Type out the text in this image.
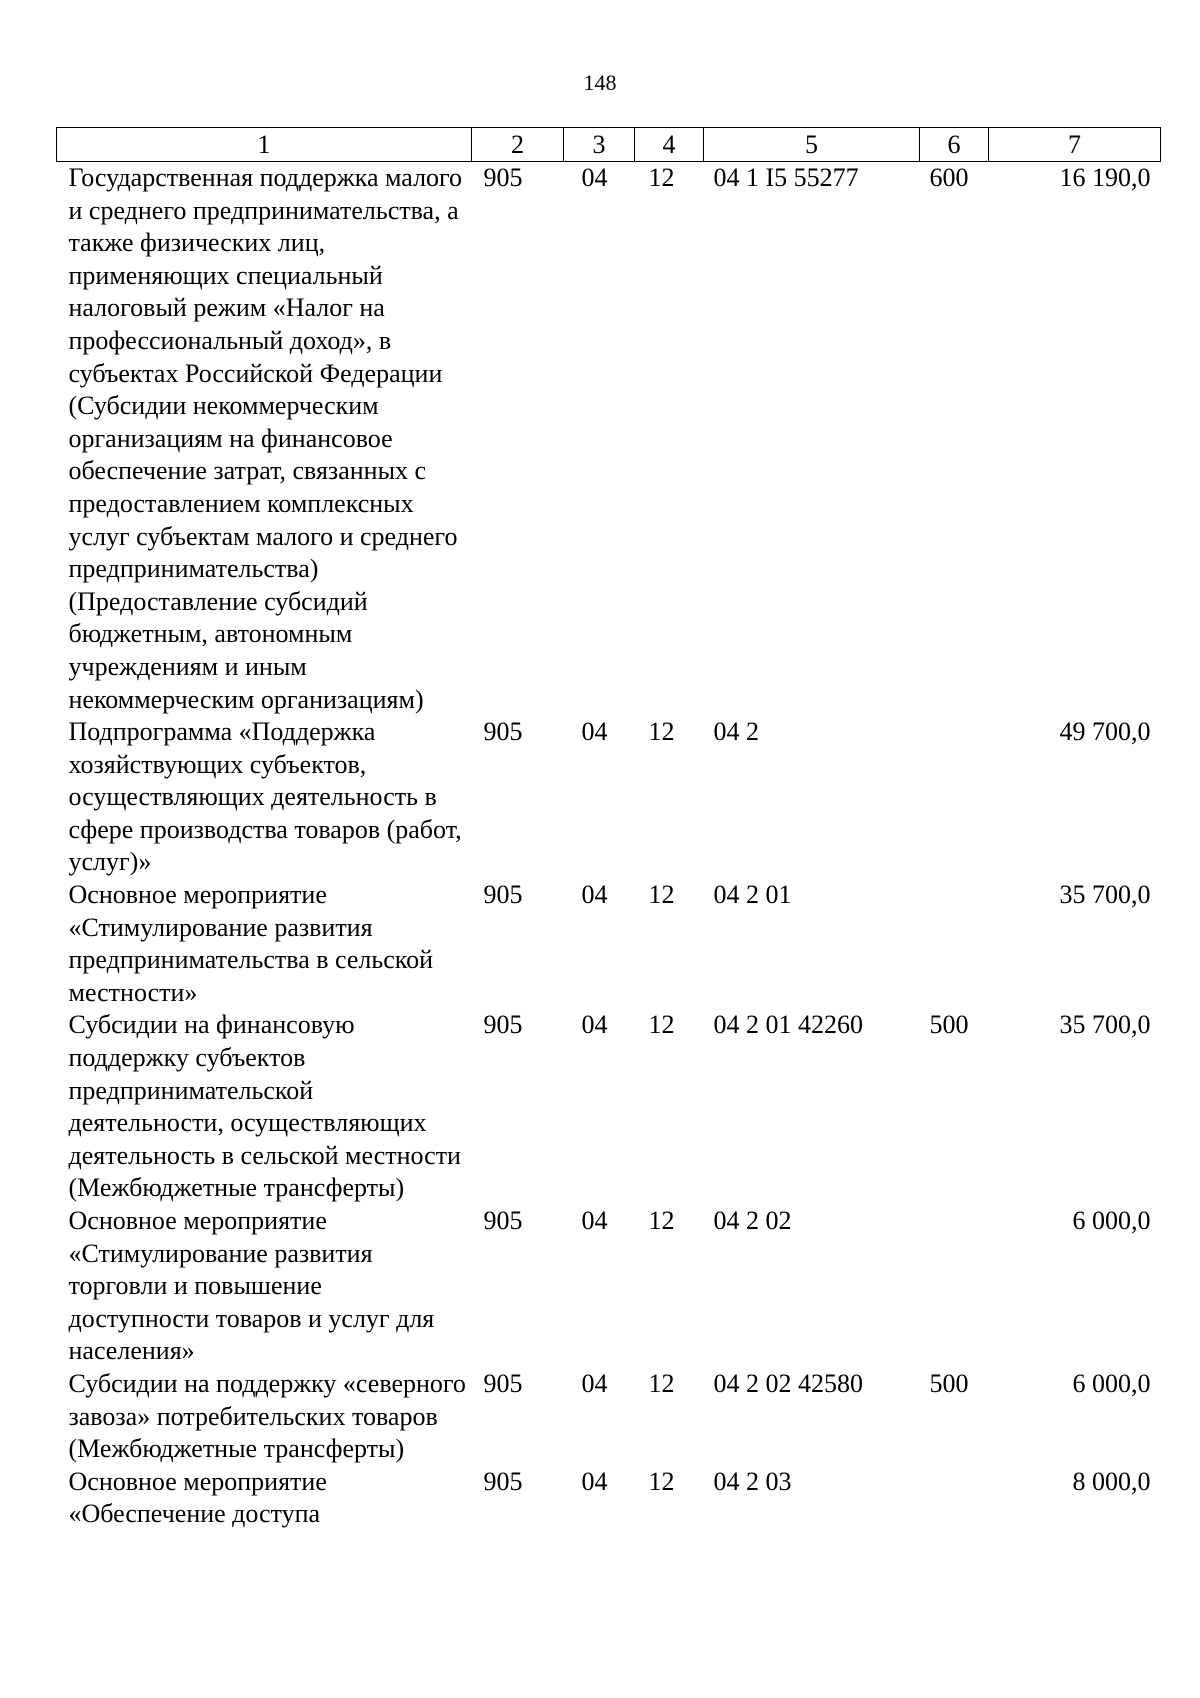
148
1	2	3	4	5	6	7
Государственная поддержка малого и среднего предпринимательства, а также физических лиц, применяющих специальный налоговый режим «Налог на профессиональный доход», в субъектах Российской Федерации (Субсидии некоммерческим организациям на финансовое обеспечение затрат, связанных с предоставлением комплексных услуг субъектам малого и среднего предпринимательства) (Предоставление субсидий бюджетным, автономным учреждениям и иным некоммерческим организациям)	905	04	12	04 1 I5 55277	600	16 190,0
Подпрограмма «Поддержка хозяйствующих субъектов, осуществляющих деятельность в сфере производства товаров (работ, услуг)»	905	04	12	04 2		49 700,0
Основное мероприятие «Стимулирование развития предпринимательства в сельской местности»	905	04	12	04 2 01		35 700,0
Субсидии на финансовую поддержку субъектов предпринимательской деятельности, осуществляющих деятельность в сельской местности (Межбюджетные трансферты)	905	04	12	04 2 01 42260	500	35 700,0
Основное мероприятие «Стимулирование развития торговли и повышение доступности товаров и услуг для населения»	905	04	12	04 2 02		6 000,0
Субсидии на поддержку «северного завоза» потребительских товаров (Межбюджетные трансферты)	905	04	12	04 2 02 42580	500	6 000,0
Основное мероприятие «Обеспечение доступа	905	04	12	04 2 03		8 000,0
